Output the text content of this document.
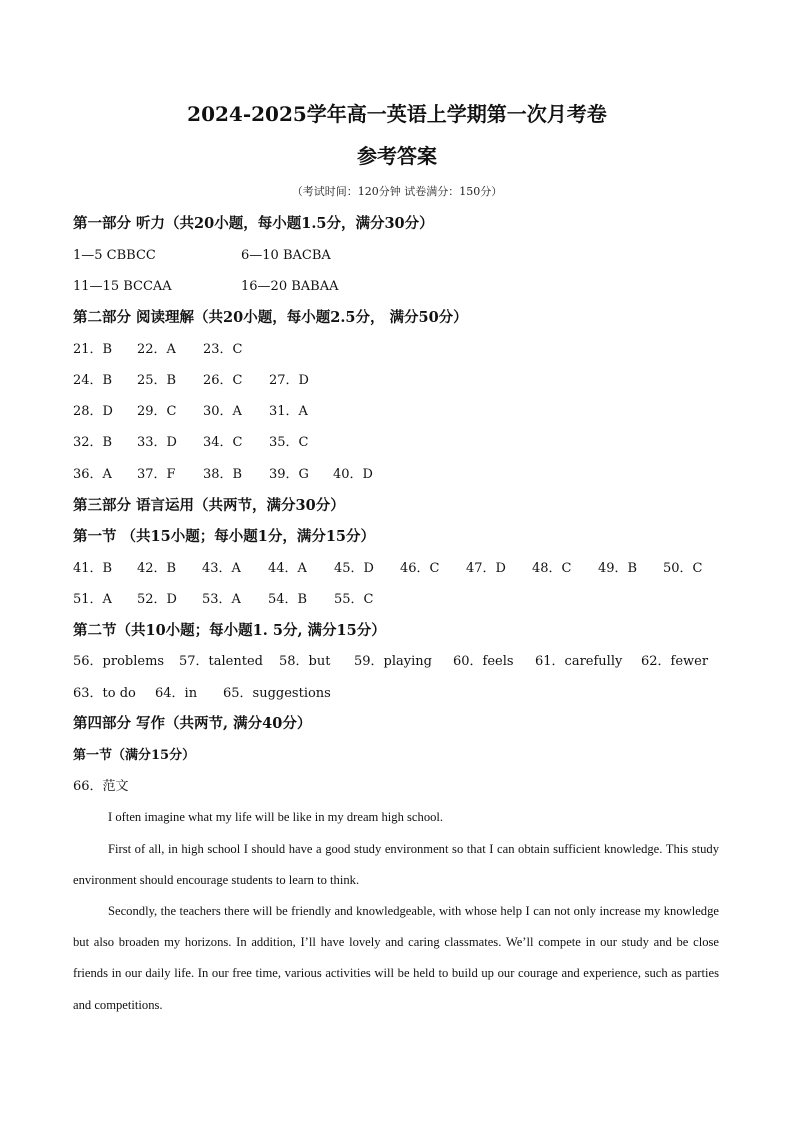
2024-2025学年高一英语上学期第一次月考卷
参考答案
（考试时间：120分钟 试卷满分：150分）
第一部分 听力（共20小题，每小题1.5分，满分30分）
1—5 CBBCC	6—10 BACBA
11—15 BCCAA	16—20 BABAA
第二部分 阅读理解（共20小题，每小题2.5分， 满分50分）
21．B 22．A 23．C
24．B 25．B 26．C 27．D
28．D 29．C 30．A 31．A
32．B 33．D 34．C 35．C
36．A 37．F 38．B 39．G 40．D
第三部分 语言运用（共两节，满分30分）
第一节 （共15小题；每小题1分，满分15分）
41．B 42．B 43．A 44．A 45．D 46．C 47．D 48．C 49．B 50．C
51．A 52．D 53．A 54．B 55．C
第二节（共10小题；每小题1. 5分, 满分15分）
56．problems 57．talented 58．but 59．playing 60．feels 61．carefully 62．fewer
63．to do 64．in 65．suggestions
第四部分 写作（共两节, 满分40分）
第一节（满分15分）
66．范文

I often imagine what my life will be like in my dream high school.

First of all, in high school I should have a good study environment so that I can obtain sufficient knowledge. This study environment should encourage students to learn to think.

Secondly, the teachers there will be friendly and knowledgeable, with whose help I can not only increase my knowledge but also broaden my horizons. In addition, I’ll have lovely and caring classmates. We’ll compete in our study and be close friends in our daily life. In our free time, various activities will be held to build up our courage and experience, such as parties and competitions.
